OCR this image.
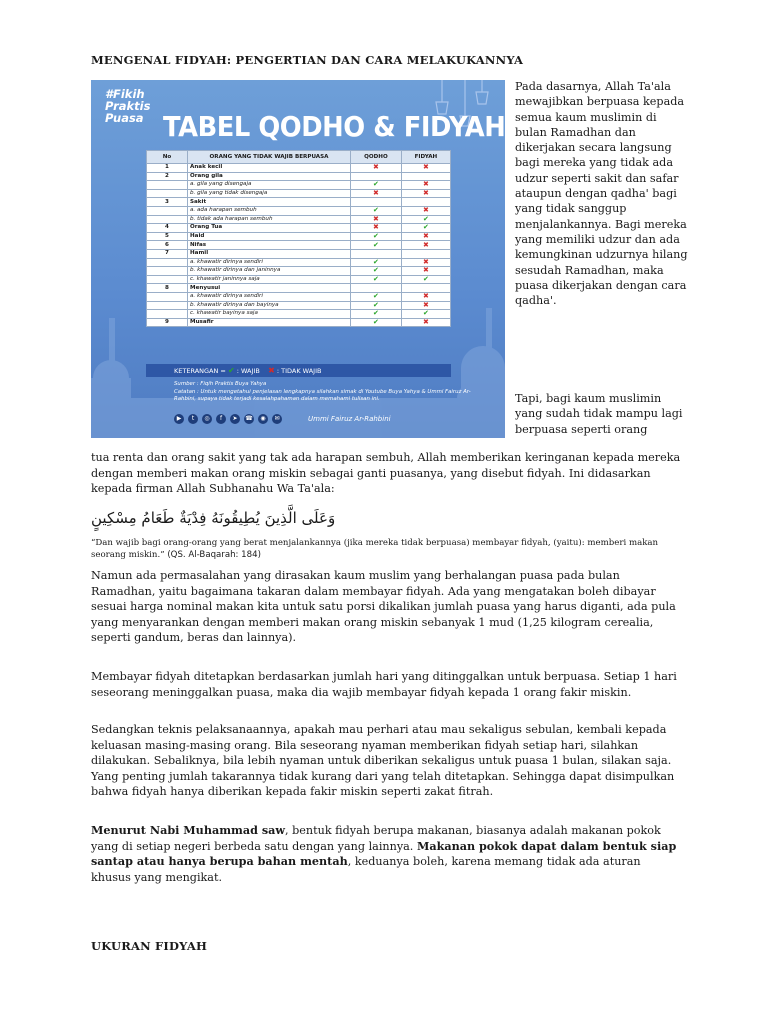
MENGENAL FIDYAH: PENGERTIAN DAN CARA MELAKUKANNYA
#Fikih
Praktis
Puasa TABEL QODHO & FIDYAH
No	ORANG YANG TIDAK WAJIB BERPUASA	QODHO	FIDYAH
1	Anak kecil	✖	✖
2	Orang gila		
	a. gila yang disengaja	✔	✖
	b. gila yang tidak disengaja	✖	✖
3	Sakit		
	a. ada harapan sembuh	✔	✖
	b. tidak ada harapan sembuh	✖	✔
4	Orang Tua	✖	✔
5	Haid	✔	✖
6	Nifas	✔	✖
7	Hamil		
	a. khawatir dirinya sendiri	✔	✖
	b. khawatir dirinya dan janinnya	✔	✖
	c. khawatir janinnya saja	✔	✔
8	Menyusui		
	a. khawatir dirinya sendiri	✔	✖
	b. khawatir dirinya dan bayinya	✔	✖
	c. khawatir bayinya saja	✔	✔
9	Musafir	✔	✖
KETERANGAN = ✔ : WAJIB ✖ : TIDAK WAJIB
Sumber : Fiqih Praktis Buya Yahya
Catatan : Untuk mengetahui penjelasan lengkapnya silahkan simak di Youtube Buya Yahya & Ummi Fairuz Ar-Rahbini, supaya tidak terjadi kesalahpahaman dalam memahami tulisan ini.
▶	t	◎	f	➤	☎	◉	✉	Ummi Fairuz Ar-Rahbini
Pada dasarnya, Allah Ta'ala mewajibkan berpuasa kepada semua kaum muslimin di bulan Ramadhan dan dikerjakan secara langsung bagi mereka yang tidak ada udzur seperti sakit dan safar ataupun dengan qadha' bagi yang tidak sanggup menjalankannya. Bagi mereka yang memiliki udzur dan ada kemungkinan udzurnya hilang sesudah Ramadhan, maka puasa dikerjakan dengan cara qadha'.
Tapi, bagi kaum muslimin yang sudah tidak mampu lagi berpuasa seperti orang

tua renta dan orang sakit yang tak ada harapan sembuh, Allah memberikan keringanan kepada mereka dengan memberi makan orang miskin sebagai ganti puasanya, yang disebut fidyah. Ini didasarkan kepada firman Allah Subhanahu Wa Ta'ala:

وَعَلَى الَّذِينَ يُطِيقُونَهُ فِدْيَةٌ طَعَامُ مِسْكِينٍ
“Dan wajib bagi orang-orang yang berat menjalankannya (jika mereka tidak berpuasa) membayar fidyah, (yaitu): memberi makan seorang miskin.” (QS. Al-Baqarah: 184)

Namun ada permasalahan yang dirasakan kaum muslim yang berhalangan puasa pada bulan Ramadhan, yaitu bagaimana takaran dalam membayar fidyah. Ada yang mengatakan boleh dibayar sesuai harga nominal makan kita untuk satu porsi dikalikan jumlah puasa yang harus diganti, ada pula yang menyarankan dengan memberi makan orang miskin sebanyak 1 mud (1,25 kilogram cerealia, seperti gandum, beras dan lainnya).

Membayar fidyah ditetapkan berdasarkan jumlah hari yang ditinggalkan untuk berpuasa. Setiap 1 hari seseorang meninggalkan puasa, maka dia wajib membayar fidyah kepada 1 orang fakir miskin.

Sedangkan teknis pelaksanaannya, apakah mau perhari atau mau sekaligus sebulan, kembali kepada keluasan masing-masing orang. Bila seseorang nyaman memberikan fidyah setiap hari, silahkan dilakukan. Sebaliknya, bila lebih nyaman untuk diberikan sekaligus untuk puasa 1 bulan, silakan saja. Yang penting jumlah takarannya tidak kurang dari yang telah ditetapkan. Sehingga dapat disimpulkan bahwa fidyah hanya diberikan kepada fakir miskin seperti zakat fitrah.

Menurut Nabi Muhammad saw, bentuk fidyah berupa makanan, biasanya adalah makanan pokok yang di setiap negeri berbeda satu dengan yang lainnya. Makanan pokok dapat dalam bentuk siap santap atau hanya berupa bahan mentah, keduanya boleh, karena memang tidak ada aturan khusus yang mengikat.

UKURAN FIDYAH
